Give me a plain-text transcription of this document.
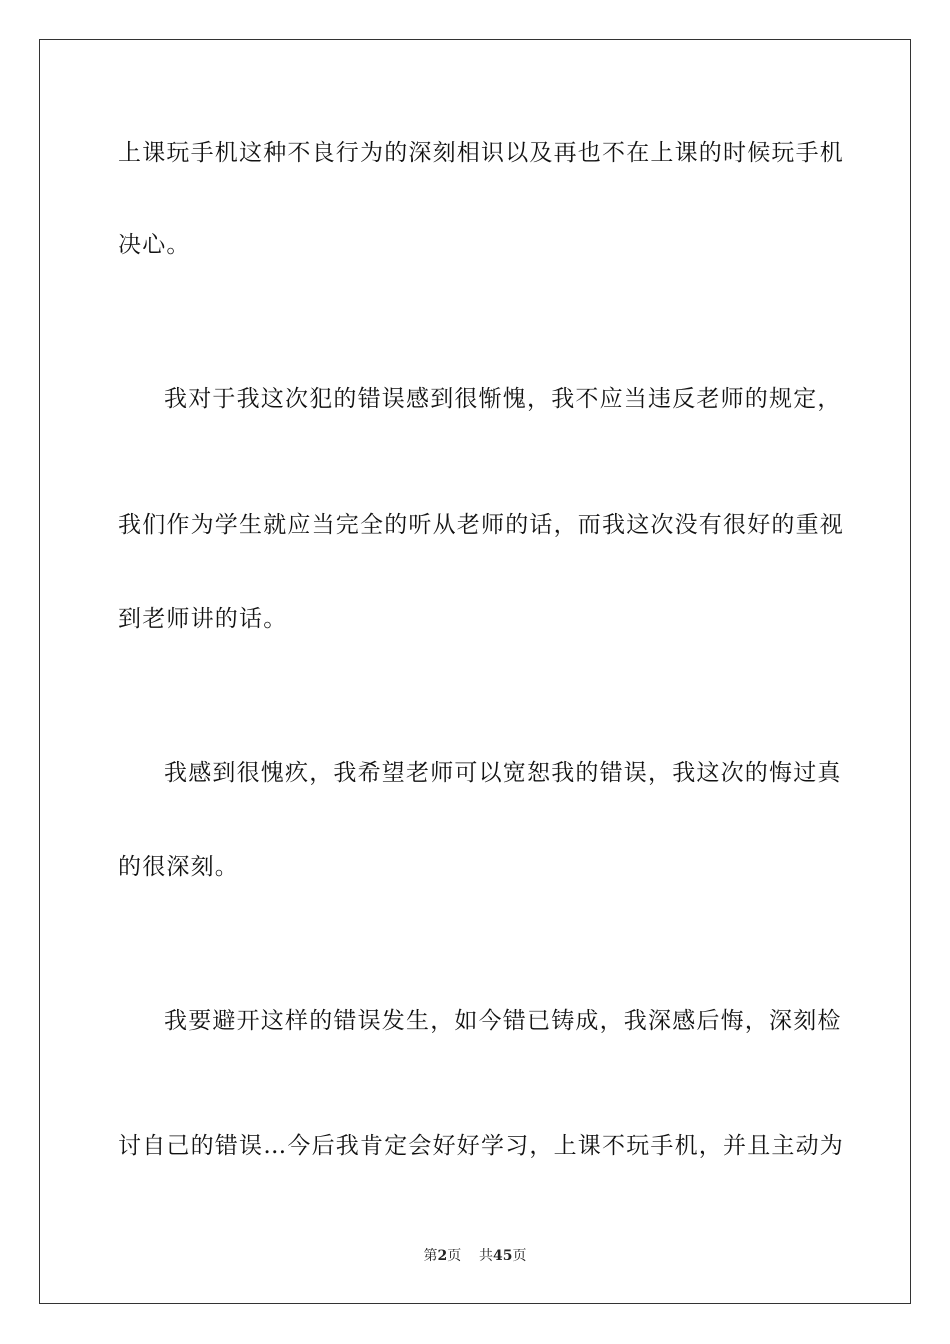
上课玩手机这种不良行为的深刻相识以及再也不在上课的时候玩手机
决心。
我对于我这次犯的错误感到很惭愧，我不应当违反老师的规定，
我们作为学生就应当完全的听从老师的话，而我这次没有很好的重视
到老师讲的话。
我感到很愧疚，我希望老师可以宽恕我的错误，我这次的悔过真
的很深刻。
我要避开这样的错误发生，如今错已铸成，我深感后悔，深刻检
讨自己的错误…今后我肯定会好好学习，上课不玩手机，并且主动为
第2页 共45页
